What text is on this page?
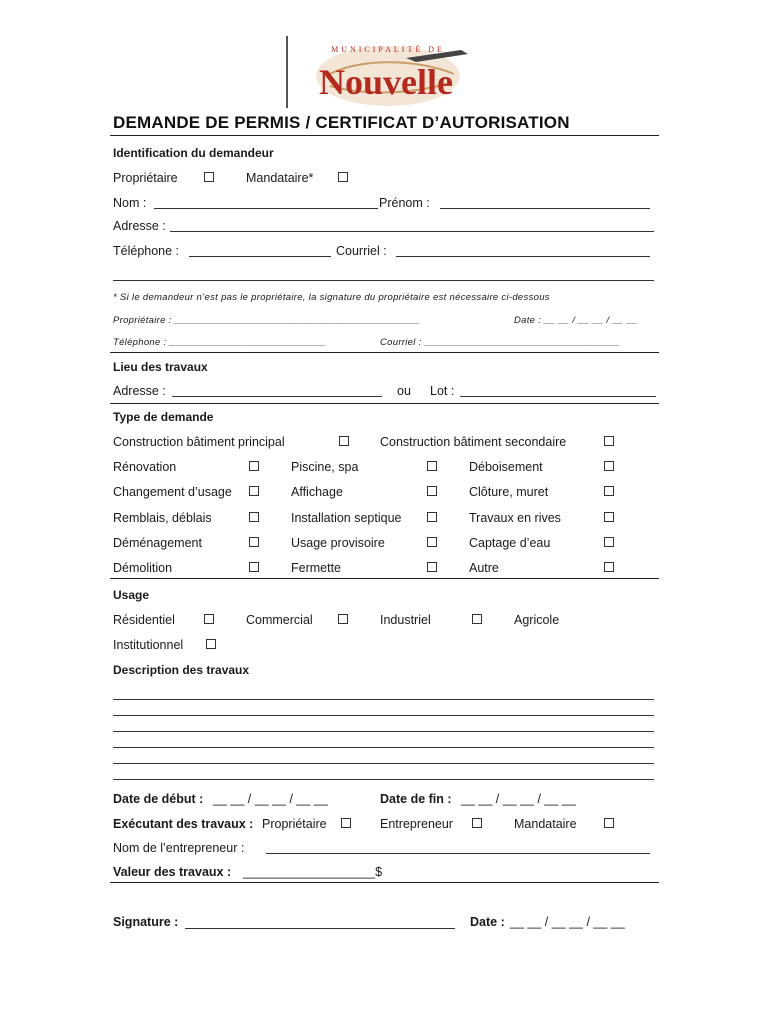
MUNICIPALITÉ DE
Nouvelle
DEMANDE DE PERMIS / CERTIFICAT D’AUTORISATION
Identification du demandeur
Propriétaire	Mandataire*
Nom :	Prénom :
Adresse :
Téléphone :	Courriel :
* Si le demandeur n’est pas le propriétaire, la signature du propriétaire est nécessaire ci-dessous
Propriétaire : ____________________________________________	Date : __ __ / __ __ / __ __
Téléphone : ____________________________	Courriel : ___________________________________
Lieu des travaux
Adresse :	ou Lot :
Type de demande
Construction bâtiment principal	Construction bâtiment secondaire
Rénovation	Piscine, spa	Déboisement
Changement d’usage	Affichage	Clôture, muret
Remblais, déblais	Installation septique	Travaux en rives
Déménagement	Usage provisoire	Captage d’eau
Démolition	Fermette	Autre
Usage
Résidentiel	Commercial	Industriel	Agricole
Institutionnel
Description des travaux
Date de début : __ __ / __ __ / __ __	Date de fin : __ __ / __ __ / __ __
Exécutant des travaux : Propriétaire	Entrepreneur	Mandataire
Nom de l’entrepreneur :
Valeur des travaux : ___________________$
Signature :	Date : __ __ / __ __ / __ __
